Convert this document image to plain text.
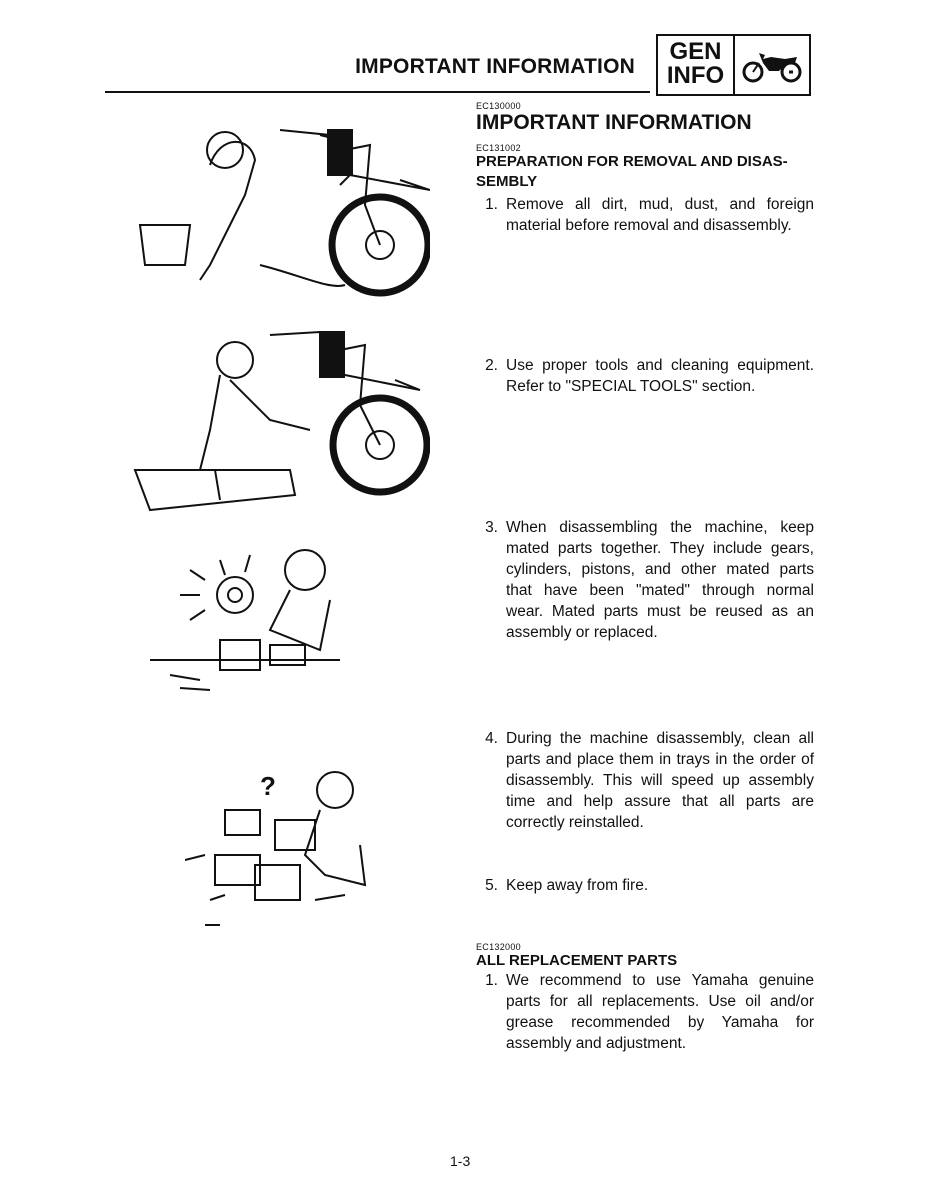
IMPORTANT INFORMATION
GEN
INFO
?
EC130000
IMPORTANT INFORMATION
EC131002
PREPARATION FOR REMOVAL AND DISAS-SEMBLY
1. Remove all dirt, mud, dust, and foreign material before removal and disassembly.
2. Use proper tools and cleaning equipment. Refer to "SPECIAL TOOLS" section.
3. When disassembling the machine, keep mated parts together. They include gears, cylinders, pistons, and other mated parts that have been "mated" through normal wear. Mated parts must be reused as an assembly or replaced.
4. During the machine disassembly, clean all parts and place them in trays in the order of disassembly. This will speed up assembly time and help assure that all parts are correctly reinstalled.
5. Keep away from fire.
EC132000
ALL REPLACEMENT PARTS
1. We recommend to use Yamaha genuine parts for all replacements. Use oil and/or grease recommended by Yamaha for assembly and adjustment.
1-3
